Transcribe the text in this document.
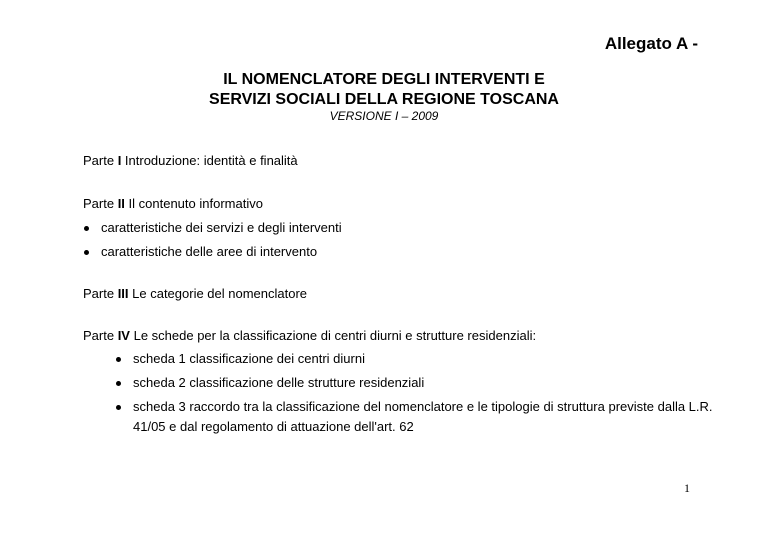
Allegato A -
IL NOMENCLATORE DEGLI INTERVENTI E
SERVIZI SOCIALI DELLA REGIONE TOSCANA
VERSIONE I – 2009
Parte I Introduzione: identità e finalità
Parte II Il contenuto informativo
caratteristiche dei servizi e degli interventi
caratteristiche delle aree di intervento
Parte III Le categorie del nomenclatore
Parte IV Le schede per la classificazione di centri diurni e strutture residenziali:
scheda 1 classificazione dei centri diurni
scheda 2 classificazione delle strutture residenziali
scheda 3 raccordo tra la classificazione del nomenclatore e le tipologie di struttura previste dalla L.R.
41/05 e dal regolamento di attuazione dell'art. 62
1
